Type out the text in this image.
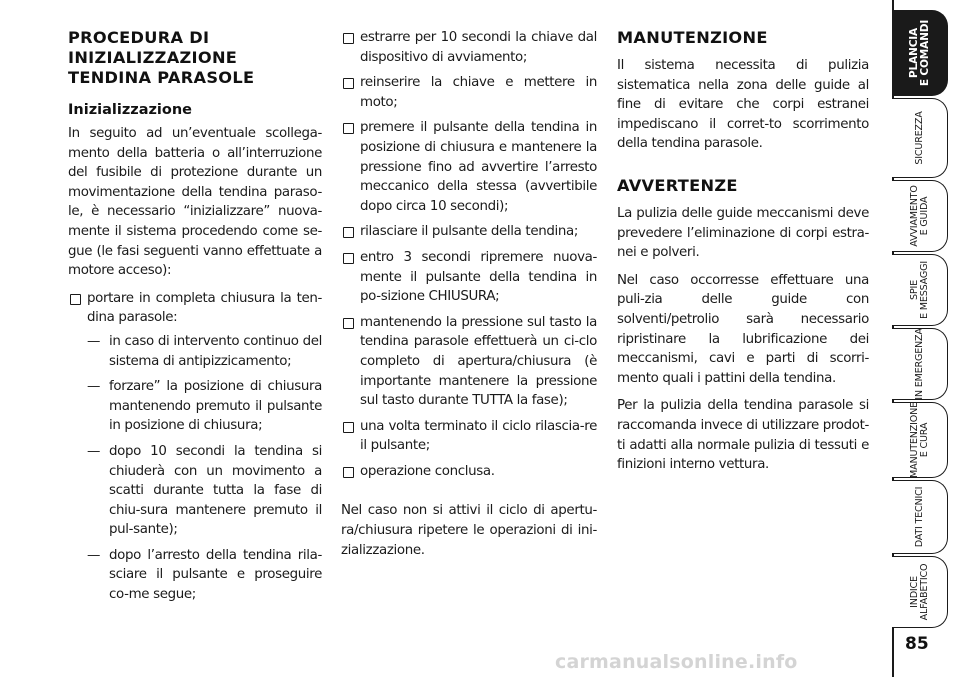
PROCEDURA DI
INIZIALIZZAZIONE
TENDINA PARASOLE
Inizializzazione

In seguito ad un’eventuale scollega-mento della batteria o all’interruzione del fusibile di protezione durante un movimentazione della tendina paraso-le, è necessario “inizializzare” nuova-mente il sistema procedendo come se-gue (le fasi seguenti vanno effettuate a motore acceso):

portare in completa chiusura la ten-dina parasole:
— in caso di intervento continuo del sistema di antipizzicamento;
— forzare” la posizione di chiusura mantenendo premuto il pulsante in posizione di chiusura;
— dopo 10 secondi la tendina si chiuderà con un movimento a scatti durante tutta la fase di chiu-sura mantenere premuto il pul-sante);
— dopo l’arresto della tendina rila-sciare il pulsante e proseguire co-me segue;
estrarre per 10 secondi la chiave dal dispositivo di avviamento;
reinserire la chiave e mettere in moto;
premere il pulsante della tendina in posizione di chiusura e mantenere la pressione fino ad avvertire l’arresto meccanico della stessa (avvertibile dopo circa 10 secondi);
rilasciare il pulsante della tendina;
entro 3 secondi ripremere nuova-mente il pulsante della tendina in po-sizione CHIUSURA;
mantenendo la pressione sul tasto la tendina parasole effettuerà un ci-clo completo di apertura/chiusura (è importante mantenere la pressione sul tasto durante TUTTA la fase);
una volta terminato il ciclo rilascia-re il pulsante;
operazione conclusa.

Nel caso non si attivi il ciclo di apertu-ra/chiusura ripetere le operazioni di ini-zializzazione.

MANUTENZIONE

Il sistema necessita di pulizia sistematica nella zona delle guide al fine di evitare che corpi estranei impediscano il corret-to scorrimento della tendina parasole.

AVVERTENZE

La pulizia delle guide meccanismi deve prevedere l’eliminazione di corpi estra-nei e polveri.

Nel caso occorresse effettuare una puli-zia delle guide con solventi/petrolio sarà necessario ripristinare la lubrificazione dei meccanismi, cavi e parti di scorri-mento quali i pattini della tendina.

Per la pulizia della tendina parasole si raccomanda invece di utilizzare prodot-ti adatti alla normale pulizia di tessuti e finizioni interno vettura.

PLANCIA
E COMANDI
SICUREZZA
AVVIAMENTO
E GUIDA
SPIE
E MESSAGGI
IN EMERGENZA
MANUTENZIONE
E CURA
DATI TECNICI
INDICE
ALFABETICO
85
carmanualsonline.info
